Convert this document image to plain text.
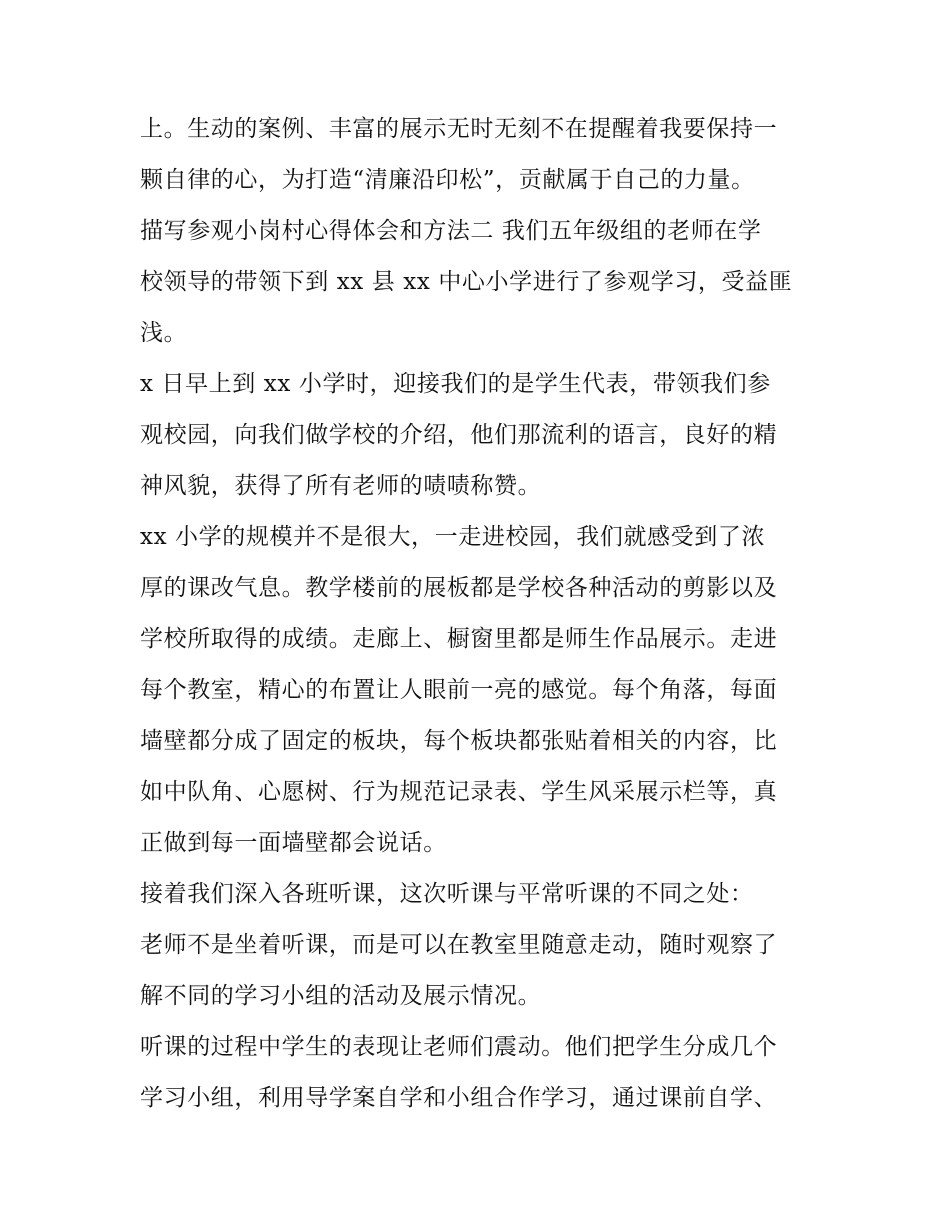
上。生动的案例、丰富的展示无时无刻不在提醒着我要保持一
颗自律的心，为打造“清廉沿印松”，贡献属于自己的力量。
描写参观小岗村心得体会和方法二 我们五年级组的老师在学
校领导的带领下到 xx 县 xx 中心小学进行了参观学习，受益匪
浅。
x 日早上到 xx 小学时，迎接我们的是学生代表，带领我们参
观校园，向我们做学校的介绍，他们那流利的语言，良好的精
神风貌，获得了所有老师的啧啧称赞。
xx 小学的规模并不是很大，一走进校园，我们就感受到了浓
厚的课改气息。教学楼前的展板都是学校各种活动的剪影以及
学校所取得的成绩。走廊上、橱窗里都是师生作品展示。走进
每个教室，精心的布置让人眼前一亮的感觉。每个角落，每面
墙壁都分成了固定的板块，每个板块都张贴着相关的内容，比
如中队角、心愿树、行为规范记录表、学生风采展示栏等，真
正做到每一面墙壁都会说话。
接着我们深入各班听课，这次听课与平常听课的不同之处：
老师不是坐着听课，而是可以在教室里随意走动，随时观察了
解不同的学习小组的活动及展示情况。
听课的过程中学生的表现让老师们震动。他们把学生分成几个
学习小组，利用导学案自学和小组合作学习，通过课前自学、
